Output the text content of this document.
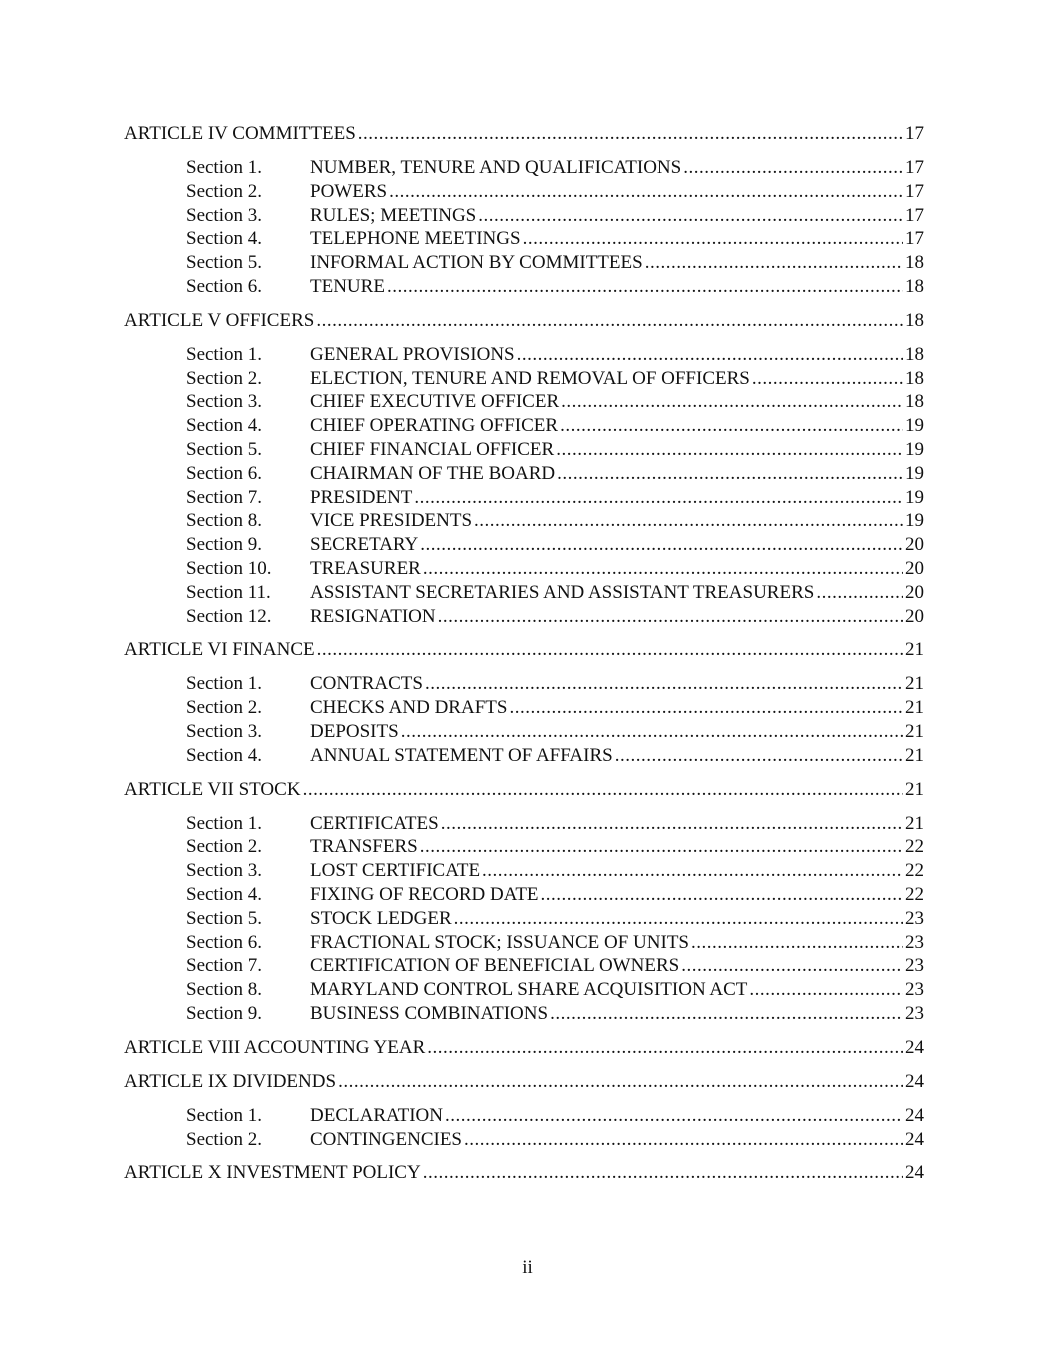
ARTICLE IV COMMITTEES .....	17
Section 1.	NUMBER, TENURE AND QUALIFICATIONS .....	17
Section 2.	POWERS .....	17
Section 3.	RULES; MEETINGS .....	17
Section 4.	TELEPHONE MEETINGS .....	17
Section 5.	INFORMAL ACTION BY COMMITTEES .....	18
Section 6.	TENURE .....	18
ARTICLE V OFFICERS .....	18
Section 1.	GENERAL PROVISIONS .....	18
Section 2.	ELECTION, TENURE AND REMOVAL OF OFFICERS .....	18
Section 3.	CHIEF EXECUTIVE OFFICER .....	18
Section 4.	CHIEF OPERATING OFFICER .....	19
Section 5.	CHIEF FINANCIAL OFFICER .....	19
Section 6.	CHAIRMAN OF THE BOARD .....	19
Section 7.	PRESIDENT .....	19
Section 8.	VICE PRESIDENTS .....	19
Section 9.	SECRETARY .....	20
Section 10.	TREASURER .....	20
Section 11.	ASSISTANT SECRETARIES AND ASSISTANT TREASURERS .....	20
Section 12.	RESIGNATION .....	20
ARTICLE VI FINANCE .....	21
Section 1.	CONTRACTS .....	21
Section 2.	CHECKS AND DRAFTS .....	21
Section 3.	DEPOSITS .....	21
Section 4.	ANNUAL STATEMENT OF AFFAIRS .....	21
ARTICLE VII STOCK .....	21
Section 1.	CERTIFICATES .....	21
Section 2.	TRANSFERS .....	22
Section 3.	LOST CERTIFICATE .....	22
Section 4.	FIXING OF RECORD DATE .....	22
Section 5.	STOCK LEDGER .....	23
Section 6.	FRACTIONAL STOCK; ISSUANCE OF UNITS .....	23
Section 7.	CERTIFICATION OF BENEFICIAL OWNERS .....	23
Section 8.	MARYLAND CONTROL SHARE ACQUISITION ACT .....	23
Section 9.	BUSINESS COMBINATIONS .....	23
ARTICLE VIII ACCOUNTING YEAR .....	24
ARTICLE IX DIVIDENDS .....	24
Section 1.	DECLARATION .....	24
Section 2.	CONTINGENCIES .....	24
ARTICLE X INVESTMENT POLICY .....	24
ii
